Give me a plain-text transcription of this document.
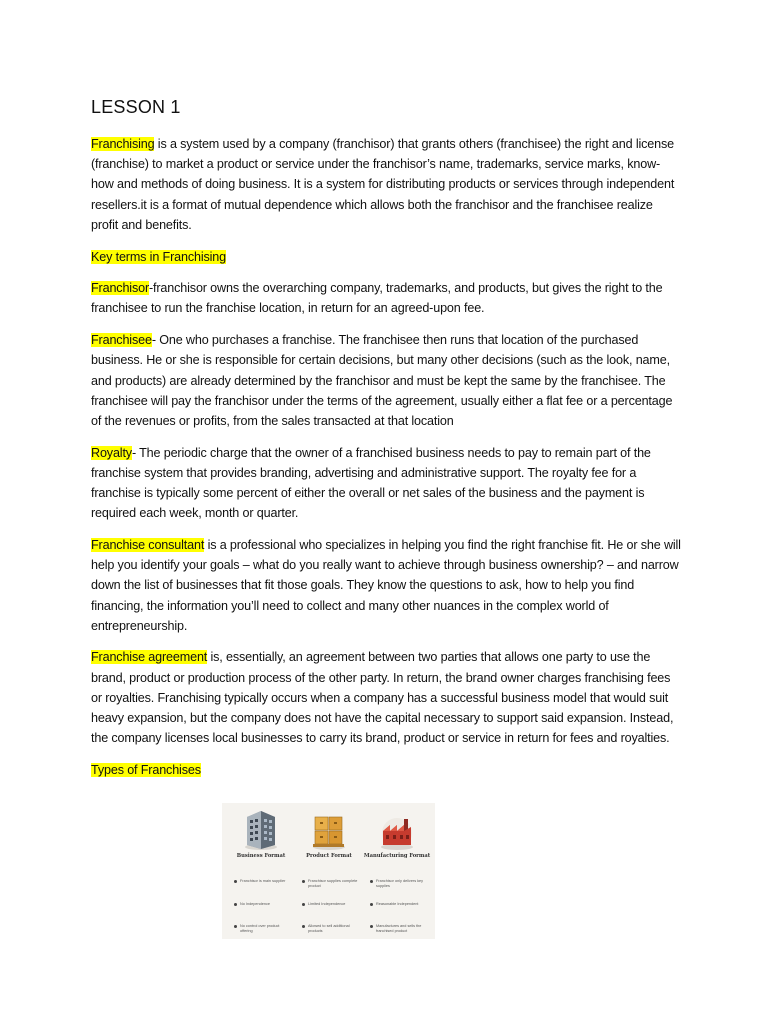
LESSON 1

Franchising is a system used by a company (franchisor) that grants others (franchisee) the right and license (franchise) to market a product or service under the franchisor’s name, trademarks, service marks, know-how and methods of doing business. It is a system for distributing products or services through independent resellers.it is a format of mutual dependence which allows both the franchisor and the franchisee realize profit and benefits.

Key terms in Franchising

Franchisor-franchisor owns the overarching company, trademarks, and products, but gives the right to the franchisee to run the franchise location, in return for an agreed-upon fee.

Franchisee- One who purchases a franchise. The franchisee then runs that location of the purchased business. He or she is responsible for certain decisions, but many other decisions (such as the look, name, and products) are already determined by the franchisor and must be kept the same by the franchisee. The franchisee will pay the franchisor under the terms of the agreement, usually either a flat fee or a percentage of the revenues or profits, from the sales transacted at that location

Royalty- The periodic charge that the owner of a franchised business needs to pay to remain part of the franchise system that provides branding, advertising and administrative support. The royalty fee for a franchise is typically some percent of either the overall or net sales of the business and the payment is required each week, month or quarter.

Franchise consultant is a professional who specializes in helping you find the right franchise fit. He or she will help you identify your goals – what do you really want to achieve through business ownership? – and narrow down the list of businesses that fit those goals. They know the questions to ask, how to help you find financing, the information you’ll need to collect and many other nuances in the complex world of entrepreneurship.

Franchise agreement is, essentially, an agreement between two parties that allows one party to use the brand, product or production process of the other party. In return, the brand owner charges franchising fees or royalties. Franchising typically occurs when a company has a successful business model that would suit heavy expansion, but the company does not have the capital necessary to support said expansion. Instead, the company licenses local businesses to carry its brand, product or service in return for fees and royalties.

Types of Franchises

Business Format
Franchisor is main supplier
No Independence
No control over product offering
Product Format
Franchisor supplies complete product
Limited Independence
Allowed to sell additional products
Manufacturing Format
Franchisor only delivers key supplies
Reasonable Independent
Manufactures and sells the franchised product
